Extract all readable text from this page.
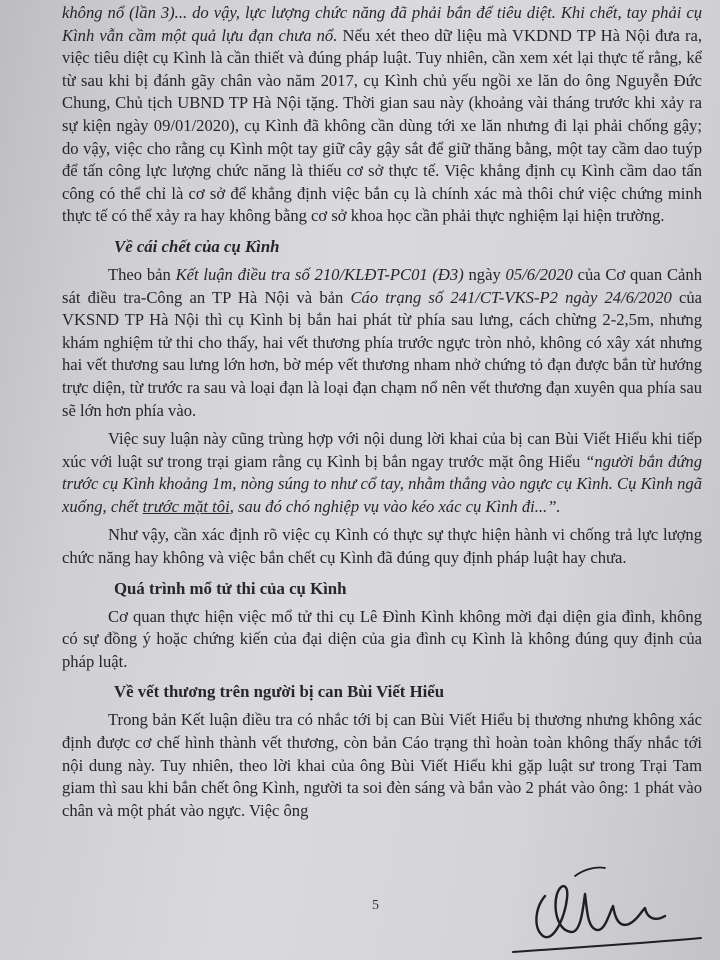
không nổ (lần 3)... do vậy, lực lượng chức năng đã phải bắn để tiêu diệt. Khi chết, tay phải cụ Kình vẫn cầm một quả lựu đạn chưa nổ. Nếu xét theo dữ liệu mà VKDND TP Hà Nội đưa ra, việc tiêu diệt cụ Kình là cần thiết và đúng pháp luật. Tuy nhiên, cần xem xét lại thực tế rằng, kể từ sau khi bị đánh gãy chân vào năm 2017, cụ Kình chủ yếu ngồi xe lăn do ông Nguyễn Đức Chung, Chủ tịch UBND TP Hà Nội tặng. Thời gian sau này (khoảng vài tháng trước khi xảy ra sự kiện ngày 09/01/2020), cụ Kình đã không cần dùng tới xe lăn nhưng đi lại phải chống gậy; do vậy, việc cho rằng cụ Kình một tay giữ cây gậy sắt để giữ thăng bằng, một tay cầm dao tuýp để tấn công lực lượng chức năng là thiếu cơ sở thực tế. Việc khẳng định cụ Kình cầm dao tấn công có thể chỉ là cơ sở để khẳng định việc bắn cụ là chính xác mà thôi chứ việc chứng minh thực tế có thể xảy ra hay không bằng cơ sở khoa học cần phải thực nghiệm lại hiện trường.

Về cái chết của cụ Kình

Theo bản Kết luận điều tra số 210/KLĐT-PC01 (Đ3) ngày 05/6/2020 của Cơ quan Cảnh sát điều tra-Công an TP Hà Nội và bản Cáo trạng số 241/CT-VKS-P2 ngày 24/6/2020 của VKSND TP Hà Nội thì cụ Kình bị bắn hai phát từ phía sau lưng, cách chừng 2-2,5m, nhưng khám nghiệm tử thi cho thấy, hai vết thương phía trước ngực tròn nhỏ, không có xây xát nhưng hai vết thương sau lưng lớn hơn, bờ mép vết thương nham nhở chứng tỏ đạn được bắn từ hướng trực diện, từ trước ra sau và loại đạn là loại đạn chạm nổ nên vết thương đạn xuyên qua phía sau sẽ lớn hơn phía vào.

Việc suy luận này cũng trùng hợp với nội dung lời khai của bị can Bùi Viết Hiểu khi tiếp xúc với luật sư trong trại giam rằng cụ Kình bị bắn ngay trước mặt ông Hiểu “người bắn đứng trước cụ Kình khoảng 1m, nòng súng to như cổ tay, nhằm thẳng vào ngực cụ Kình. Cụ Kình ngã xuống, chết trước mặt tôi, sau đó chó nghiệp vụ vào kéo xác cụ Kình đi...”.

Như vậy, cần xác định rõ việc cụ Kình có thực sự thực hiện hành vi chống trả lực lượng chức năng hay không và việc bắn chết cụ Kình đã đúng quy định pháp luật hay chưa.

Quá trình mổ tử thi của cụ Kình

Cơ quan thực hiện việc mổ tử thi cụ Lê Đình Kình không mời đại diện gia đình, không có sự đồng ý hoặc chứng kiến của đại diện của gia đình cụ Kình là không đúng quy định của pháp luật.

Về vết thương trên người bị can Bùi Viết Hiểu

Trong bản Kết luận điều tra có nhắc tới bị can Bùi Viết Hiểu bị thương nhưng không xác định được cơ chế hình thành vết thương, còn bản Cáo trạng thì hoàn toàn không thấy nhắc tới nội dung này. Tuy nhiên, theo lời khai của ông Bùi Viết Hiểu khi gặp luật sư trong Trại Tam giam thì sau khi bắn chết ông Kình, người ta soi đèn sáng và bắn vào 2 phát vào ông: 1 phát vào chân và một phát vào ngực. Việc ông

5
